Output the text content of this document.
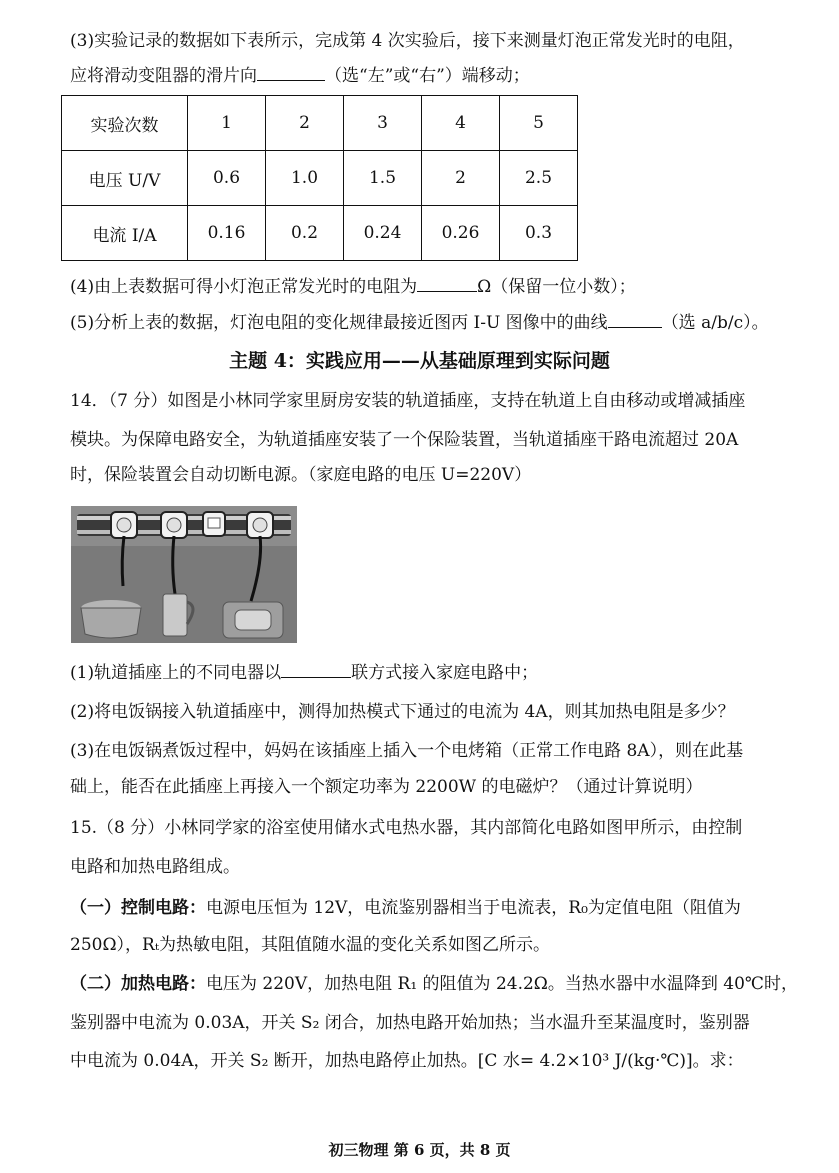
(3)实验记录的数据如下表所示，完成第 4 次实验后，接下来测量灯泡正常发光时的电阻，
应将滑动变阻器的滑片向	（选“左”或“右”）端移动；
实验次数	1	2	3	4	5
电压 U/V	0.6	1.0	1.5	2	2.5
电流 I/A	0.16	0.2	0.24	0.26	0.3
(4)由上表数据可得小灯泡正常发光时的电阻为	Ω（保留一位小数）；
(5)分析上表的数据，灯泡电阻的变化规律最接近图丙 I-U 图像中的曲线	（选 a/b/c）。
主题 4：实践应用——从基础原理到实际问题
14．（7 分）如图是小林同学家里厨房安装的轨道插座，支持在轨道上自由移动或增减插座
模块。为保障电路安全，为轨道插座安装了一个保险装置，当轨道插座干路电流超过 20A
时，保险装置会自动切断电源。（家庭电路的电压 U=220V）
(1)轨道插座上的不同电器以	联方式接入家庭电路中；
(2)将电饭锅接入轨道插座中，测得加热模式下通过的电流为 4A，则其加热电阻是多少？
(3)在电饭锅煮饭过程中，妈妈在该插座上插入一个电烤箱（正常工作电路 8A），则在此基
础上，能否在此插座上再接入一个额定功率为 2200W 的电磁炉？（通过计算说明）
15.（8 分）小林同学家的浴室使用储水式电热水器，其内部简化电路如图甲所示，由控制
电路和加热电路组成。
（一）控制电路：电源电压恒为 12V，电流鉴别器相当于电流表，R₀为定值电阻（阻值为
250Ω），Rₜ为热敏电阻，其阻值随水温的变化关系如图乙所示。
（二）加热电路：电压为 220V，加热电阻 R₁ 的阻值为 24.2Ω。当热水器中水温降到 40℃时，
鉴别器中电流为 0.03A，开关 S₂ 闭合，加热电路开始加热；当水温升至某温度时，鉴别器
中电流为 0.04A，开关 S₂ 断开，加热电路停止加热。[C 水= 4.2×10³ J/(kg·℃)]。求：
初三物理 第 6 页，共 8 页
